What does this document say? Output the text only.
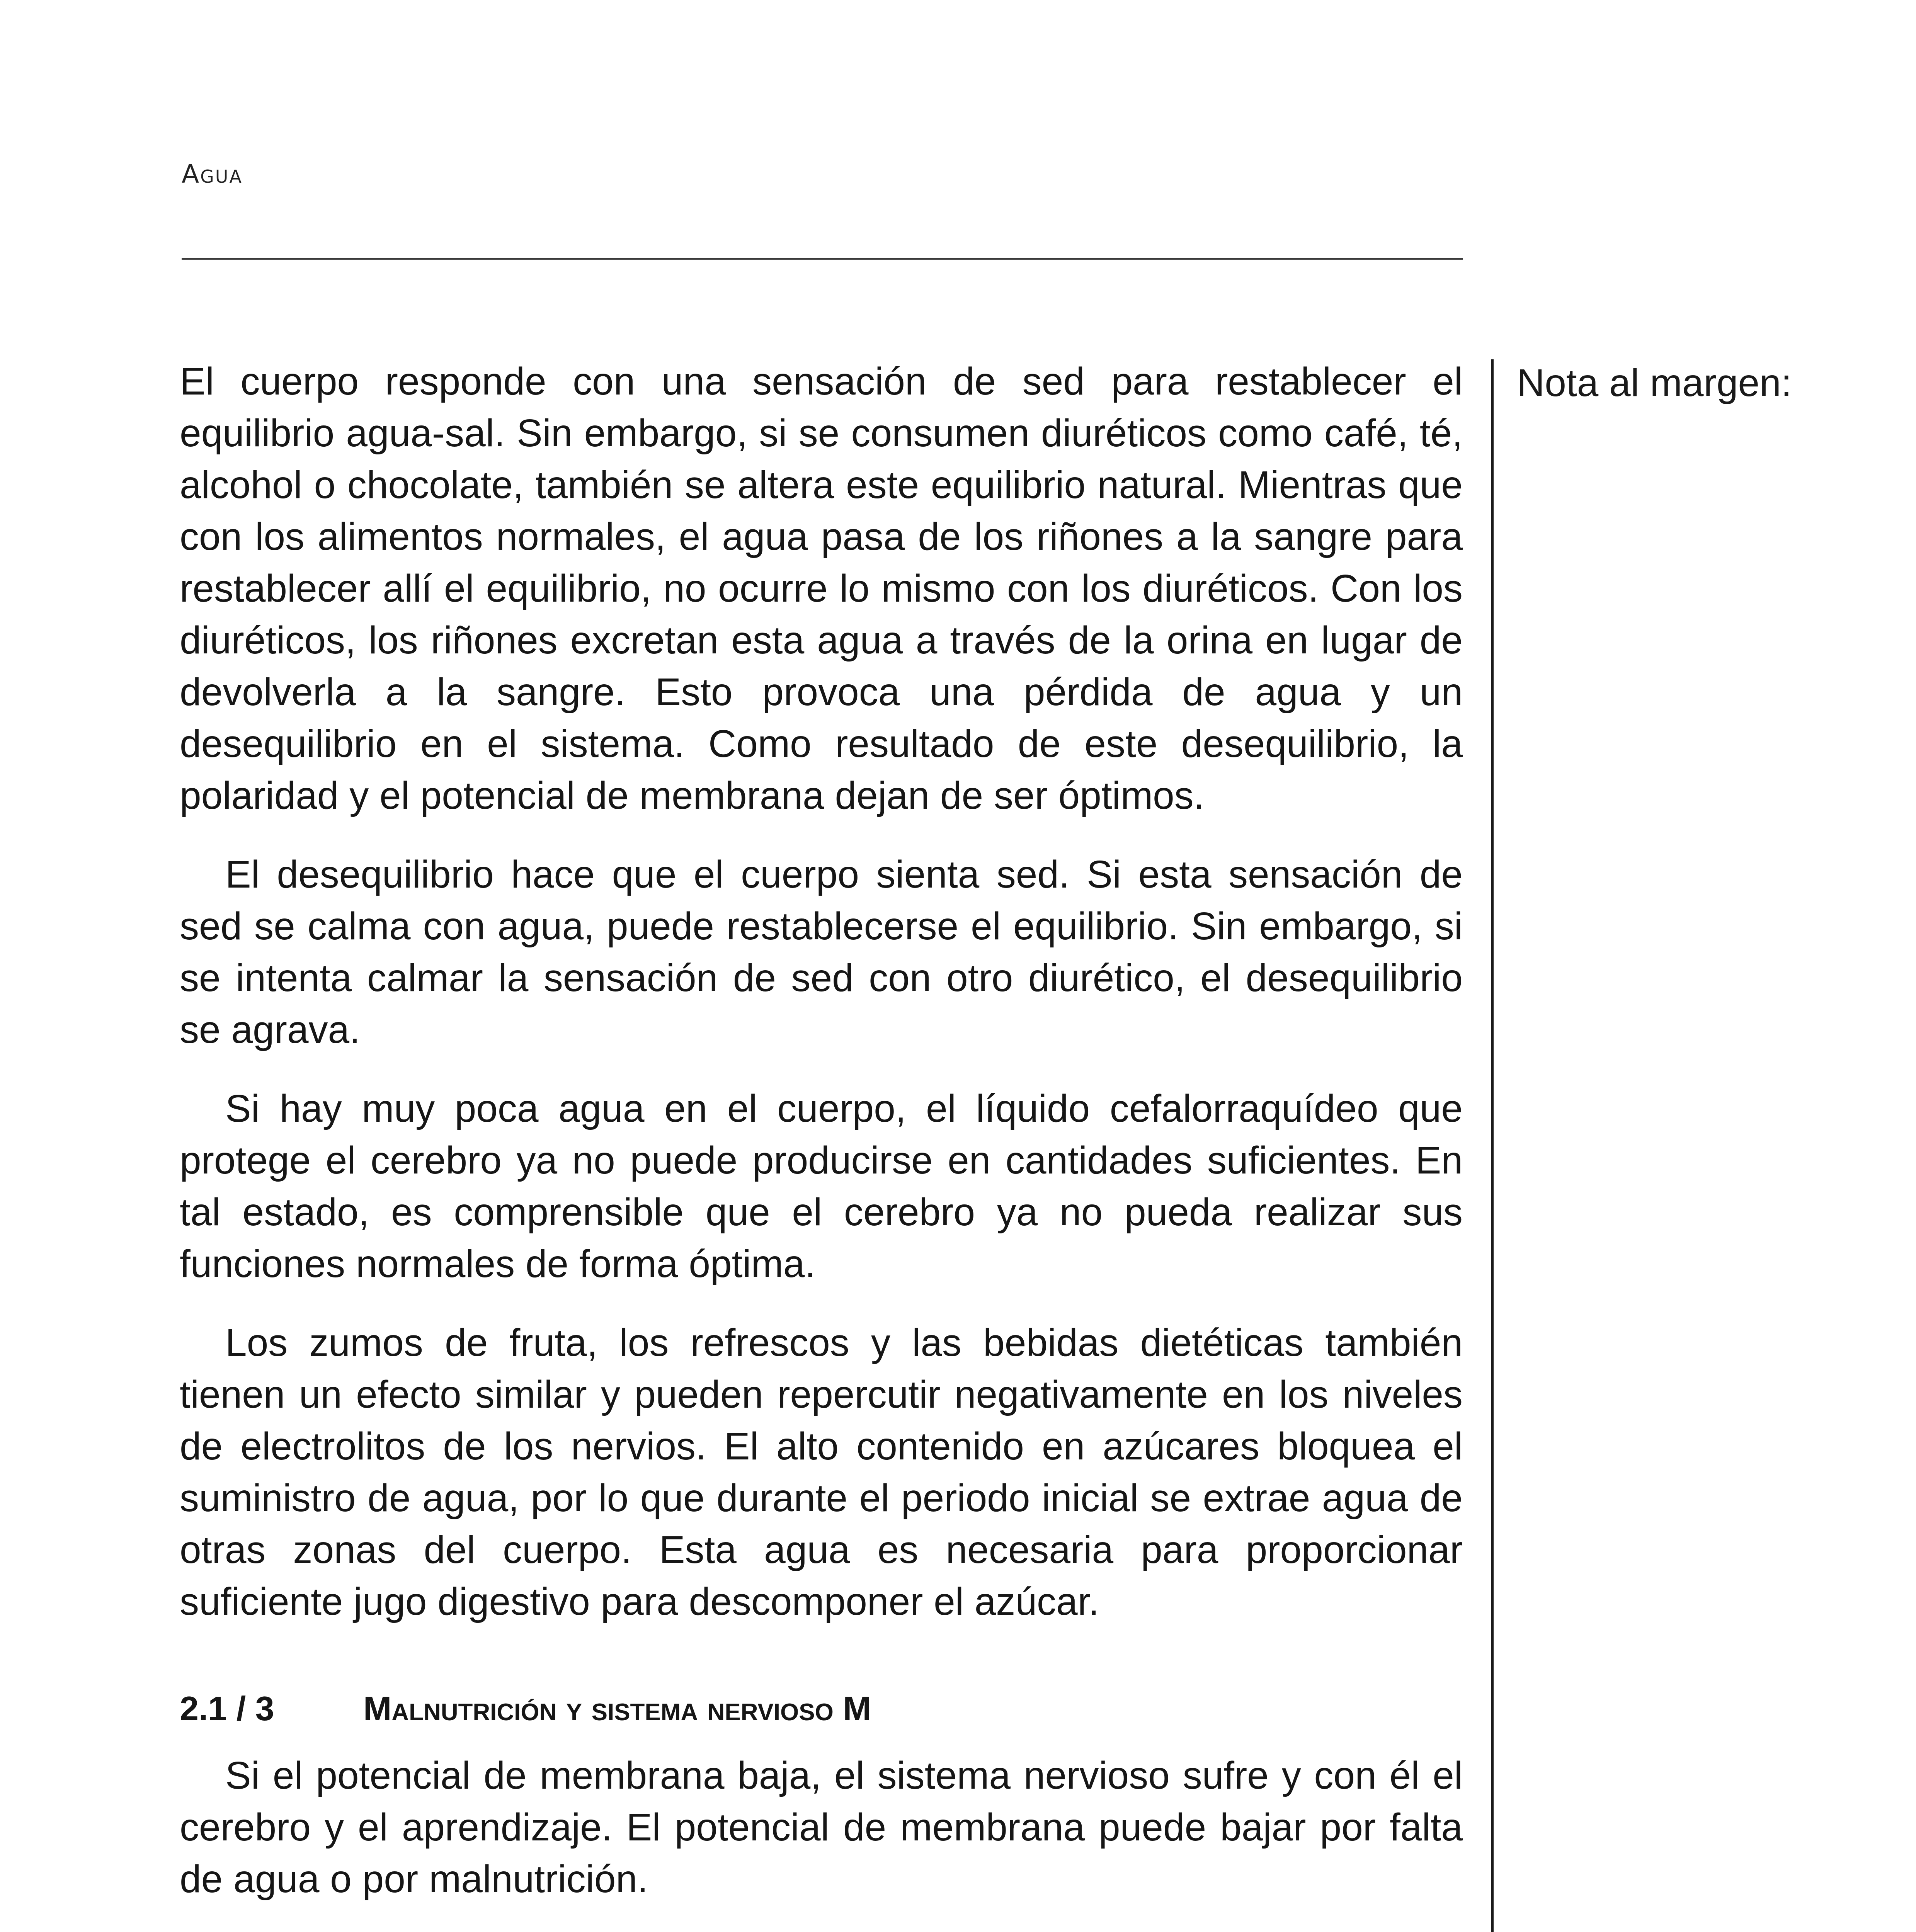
Agua
Nota al margen:

El cuerpo responde con una sensación de sed para restablecer el equilibrio agua-sal. Sin embargo, si se consumen diuréticos como café, té, alcohol o chocolate, también se altera este equilibrio natural. Mientras que con los alimentos normales, el agua pasa de los riñones a la sangre para restablecer allí el equilibrio, no ocurre lo mismo con los diuréticos. Con los diuréticos, los riñones excretan esta agua a través de la orina en lugar de devolverla a la sangre. Esto provoca una pérdida de agua y un desequilibrio en el sistema. Como resultado de este desequilibrio, la polaridad y el potencial de membrana dejan de ser óptimos.

El desequilibrio hace que el cuerpo sienta sed. Si esta sensación de sed se calma con agua, puede restablecerse el equilibrio. Sin embargo, si se intenta calmar la sensación de sed con otro diurético, el desequilibrio se agrava.

Si hay muy poca agua en el cuerpo, el líquido cefalorraquídeo que protege el cerebro ya no puede producirse en cantidades suficientes. En tal estado, es comprensible que el cerebro ya no pueda realizar sus funciones normales de forma óptima.

Los zumos de fruta, los refrescos y las bebidas dietéticas también tienen un efecto similar y pueden repercutir negativamente en los niveles de electrolitos de los nervios. El alto contenido en azúcares bloquea el suministro de agua, por lo que durante el periodo inicial se extrae agua de otras zonas del cuerpo. Esta agua es necesaria para proporcionar suficiente jugo digestivo para descomponer el azúcar.

2.1 / 3	Malnutrición y sistema nervioso M

Si el potencial de membrana baja, el sistema nervioso sufre y con él el cerebro y el aprendizaje. El potencial de membrana puede bajar por falta de agua o por malnutrición.
